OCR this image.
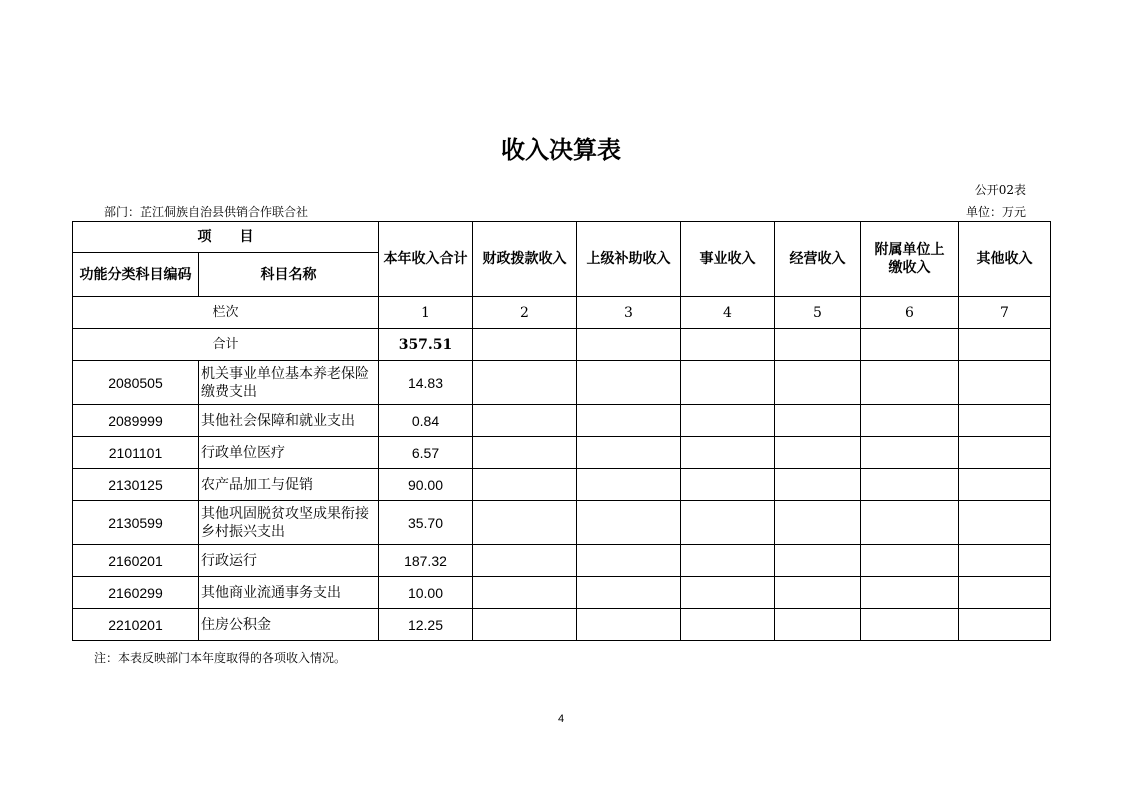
收入决算表
公开02表
部门：芷江侗族自治县供销合作联合社	单位：万元
项　　目		本年收入合计	财政拨款收入	上级补助收入	事业收入	经营收入	附属单位上缴收入	其他收入
功能分类科目编码	科目名称							
栏次		1	2	3	4	5	6	7
合计		357.51						
2080505	机关事业单位基本养老保险缴费支出	14.83						
2089999	其他社会保障和就业支出	0.84						
2101101	行政单位医疗	6.57						
2130125	农产品加工与促销	90.00						
2130599	其他巩固脱贫攻坚成果衔接乡村振兴支出	35.70						
2160201	行政运行	187.32						
2160299	其他商业流通事务支出	10.00						
2210201	住房公积金	12.25						
注：本表反映部门本年度取得的各项收入情况。
4
